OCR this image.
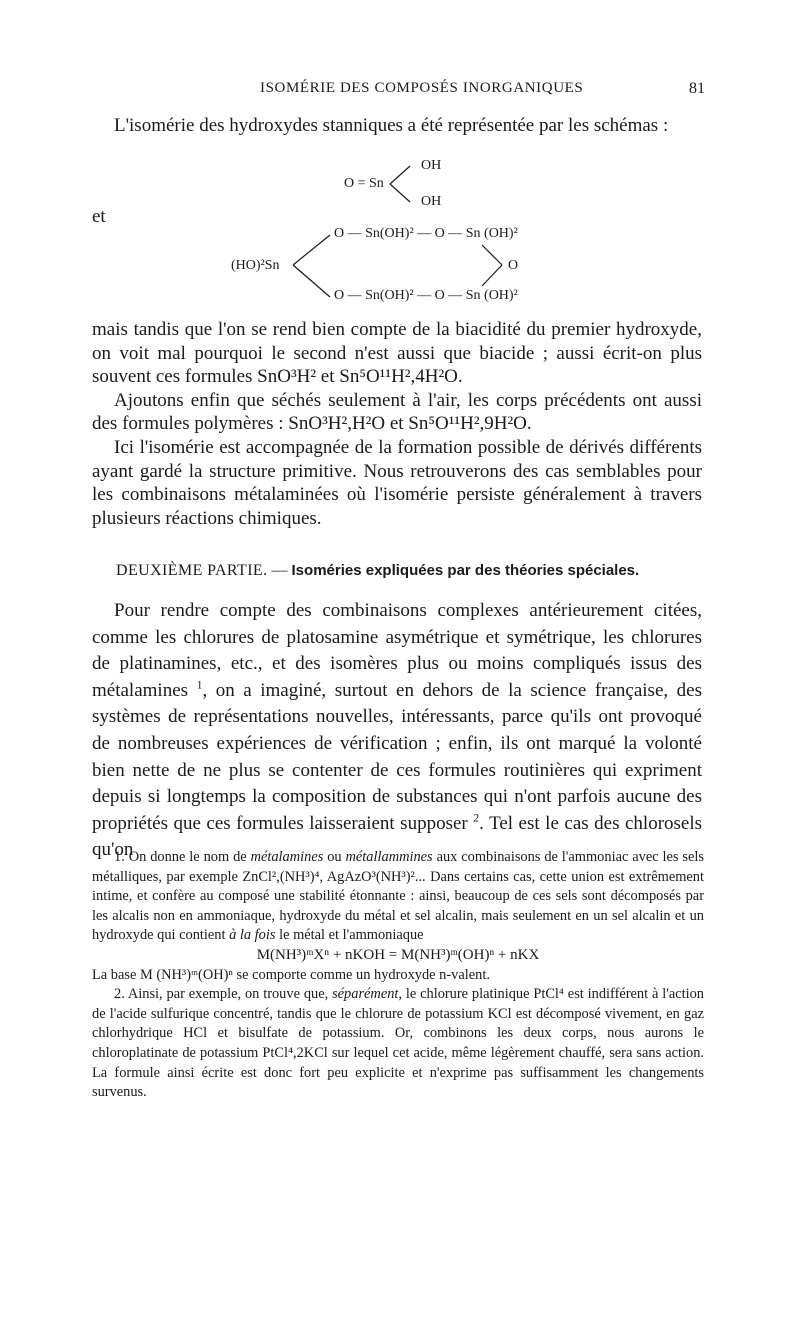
ISOMÉRIE DES COMPOSÉS INORGANIQUES	81

L'isomérie des hydroxydes stanniques a été représentée par les schémas :

O = Sn
OH
OH
et
O — Sn(OH)² — O — Sn (OH)²
(HO)²Sn	O
O — Sn(OH)² — O — Sn (OH)²

mais tandis que l'on se rend bien compte de la biacidité du premier hydroxyde, on voit mal pourquoi le second n'est aussi que biacide ; aussi écrit-on plus souvent ces formules SnO³H² et Sn⁵O¹¹H²,4H²O.

Ajoutons enfin que séchés seulement à l'air, les corps précédents ont aussi des formules polymères : SnO³H²,H²O et Sn⁵O¹¹H²,9H²O.

Ici l'isomérie est accompagnée de la formation possible de dérivés différents ayant gardé la structure primitive. Nous retrouverons des cas semblables pour les combinaisons métalaminées où l'isomérie persiste généralement à travers plusieurs réactions chimiques.

DEUXIÈME PARTIE. — Isoméries expliquées par des théories spéciales.

Pour rendre compte des combinaisons complexes antérieurement citées, comme les chlorures de platosamine asymétrique et symétrique, les chlorures de platinamines, etc., et des isomères plus ou moins compliqués issus des métalamines $^1$, on a imaginé, surtout en dehors de la science française, des systèmes de représentations nouvelles, intéressants, parce qu'ils ont provoqué de nombreuses expériences de vérification ; enfin, ils ont marqué la volonté bien nette de ne plus se contenter de ces formules routinières qui expriment depuis si longtemps la composition de substances qui n'ont parfois aucune des propriétés que ces formules laisseraient supposer $^2$. Tel est le cas des chlorosels qu'on

1. On donne le nom de métalamines ou métallammines aux combinaisons de l'ammoniac avec les sels métalliques, par exemple ZnCl²,(NH³)⁴, AgAzO³(NH³)²... Dans certains cas, cette union est extrêmement intime, et confère au composé une stabilité étonnante : ainsi, beaucoup de ces sels sont décomposés par les alcalis non en ammoniaque, hydroxyde du métal et sel alcalin, mais seulement en un sel alcalin et un hydroxyde qui contient à la fois le métal et l'ammoniaque

M(NH³)ᵐXⁿ + nKOH = M(NH³)ᵐ(OH)ⁿ + nKX

La base M (NH³)ᵐ(OH)ⁿ se comporte comme un hydroxyde n-valent.

2. Ainsi, par exemple, on trouve que, séparément, le chlorure platinique PtCl⁴ est indifférent à l'action de l'acide sulfurique concentré, tandis que le chlorure de potassium KCl est décomposé vivement, en gaz chlorhydrique HCl et bisulfate de potassium. Or, combinons les deux corps, nous aurons le chloroplatinate de potassium PtCl⁴,2KCl sur lequel cet acide, même légèrement chauffé, sera sans action. La formule ainsi écrite est donc fort peu explicite et n'exprime pas suffisamment les changements survenus.
